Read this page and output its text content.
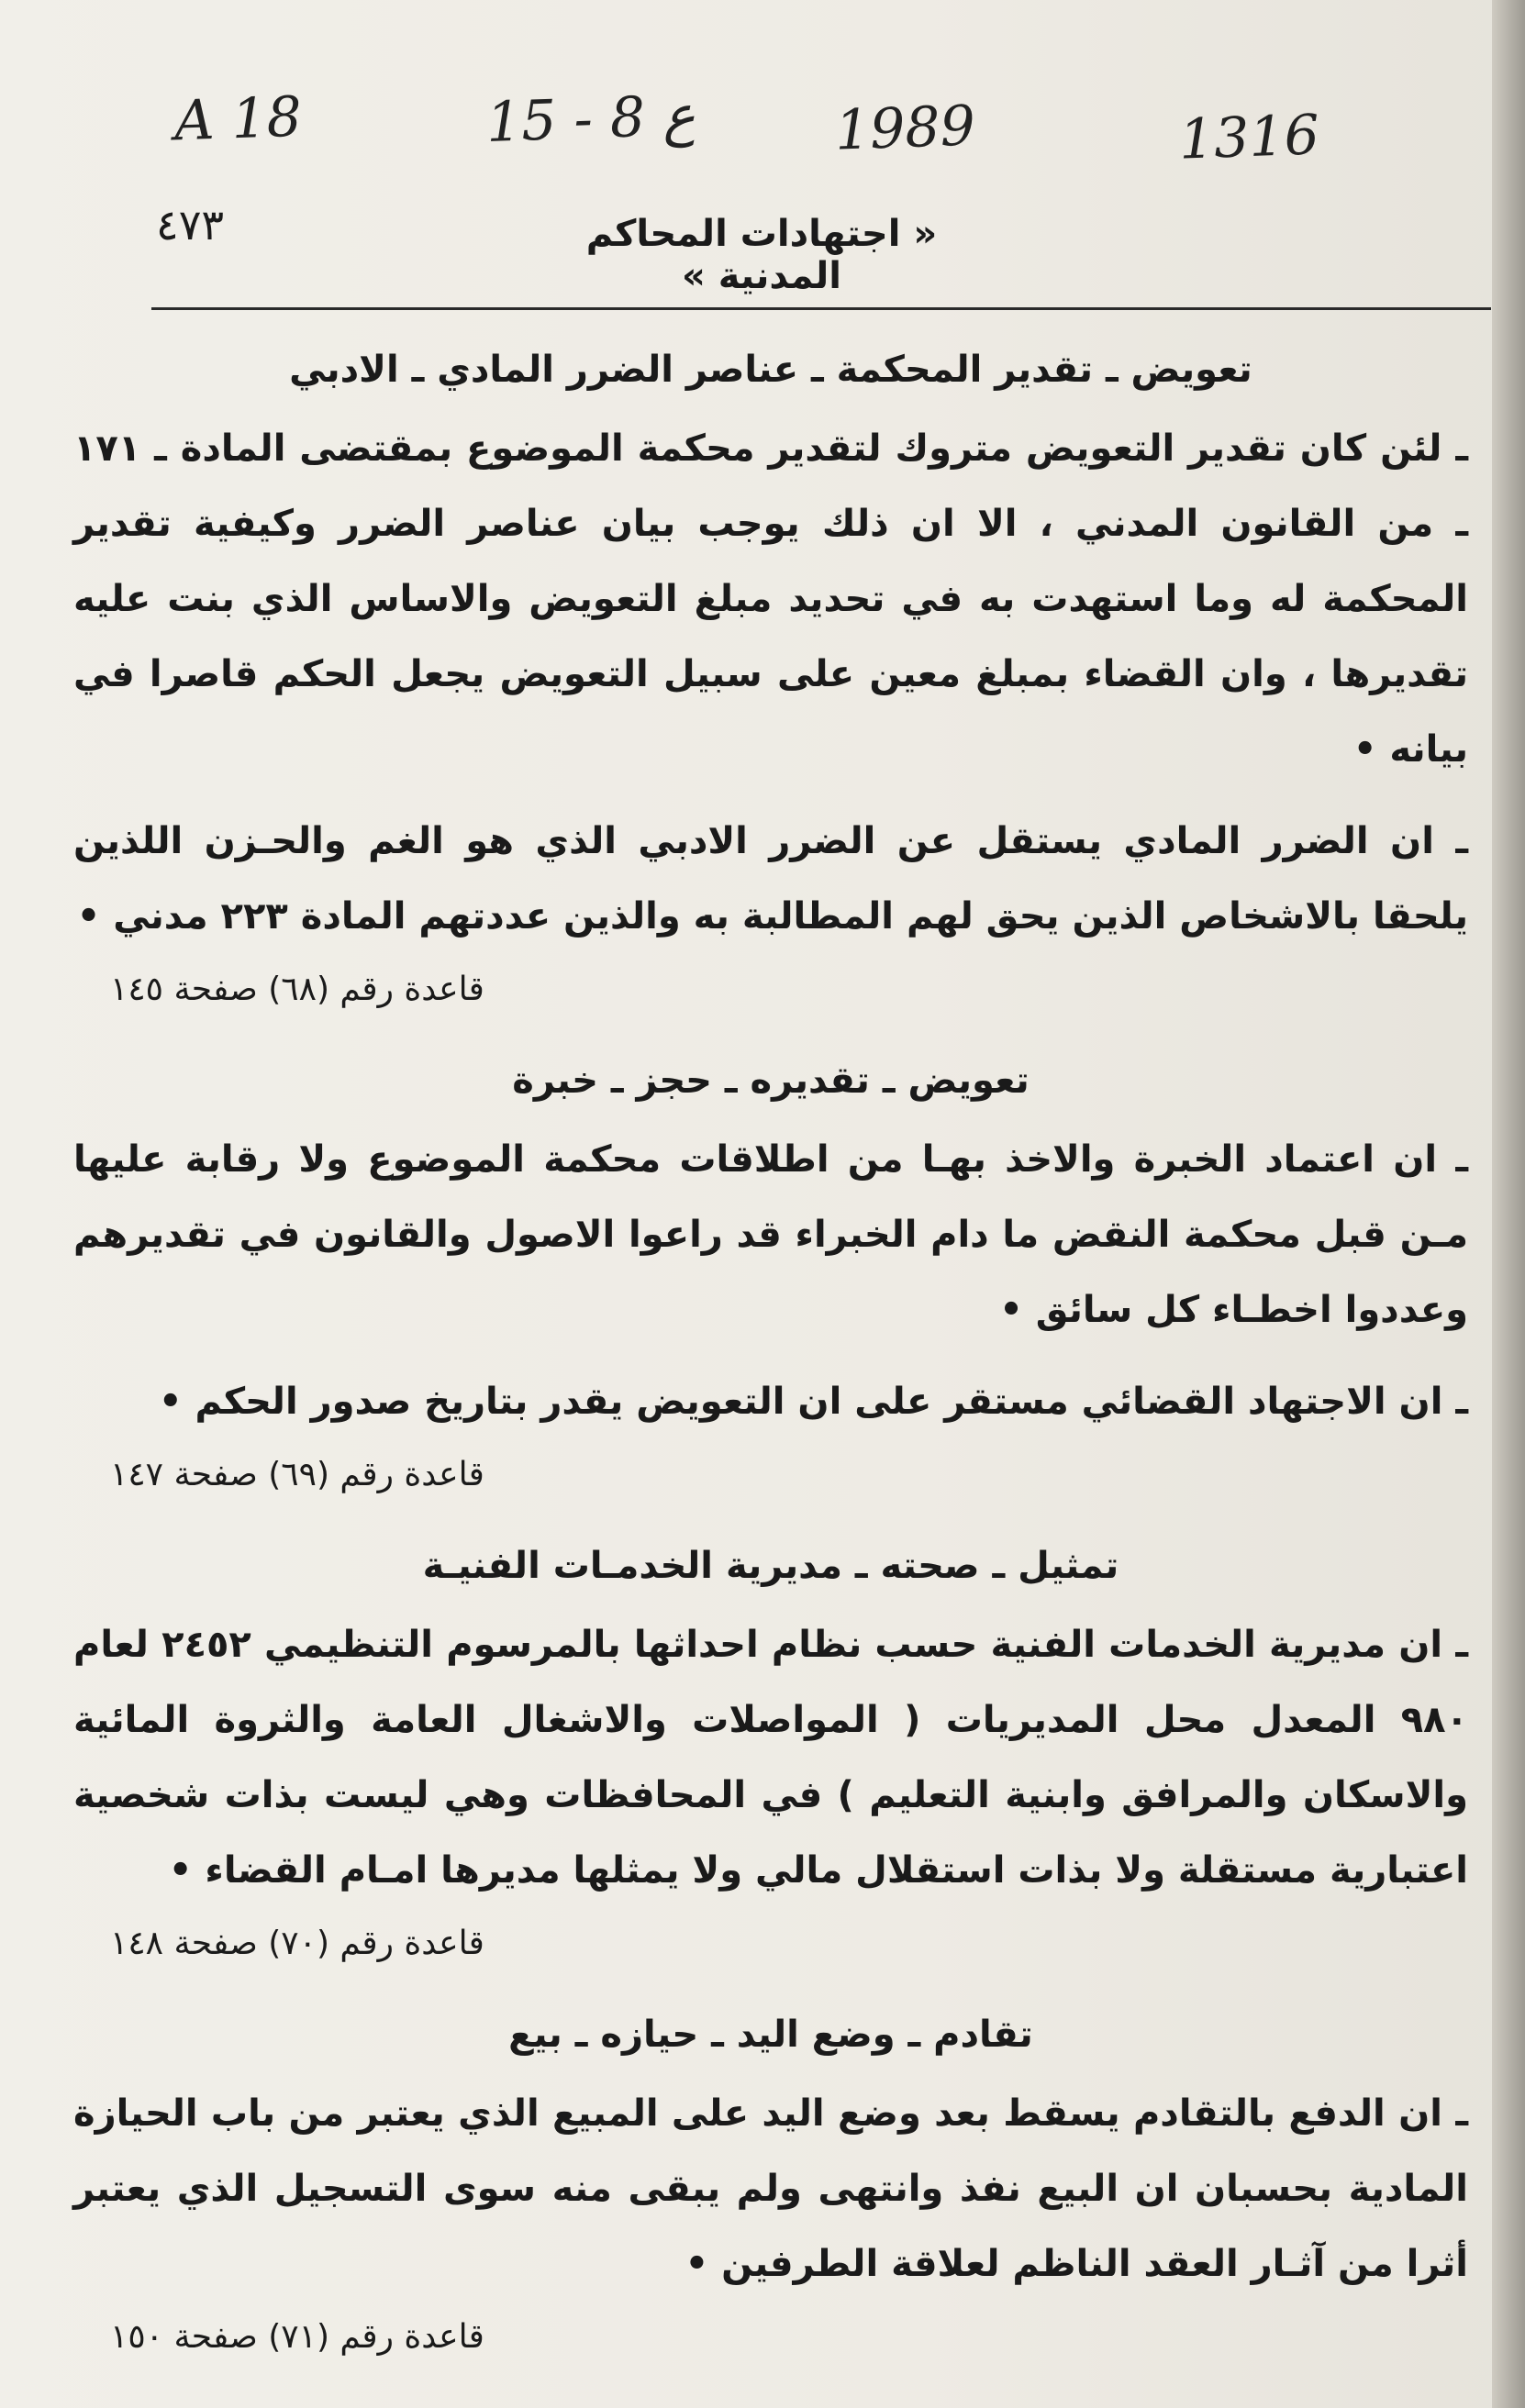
A 18	15 - 8 ع 1989	1316
٤٧٣	« اجتهادات المحاكم المدنية »
تعويض ـ تقدير المحكمة ـ عناصر الضرر المادي ـ الادبي

ـ لئن كان تقدير التعويض متروك لتقدير محكمة الموضوع بمقتضى المادة ـ ١٧١ ـ من القانون المدني ، الا ان ذلك يوجب بيان عناصر الضرر وكيفية تقدير المحكمة له وما استهدت به في تحديد مبلغ التعويض والاساس الذي بنت عليه تقديرها ، وان القضاء بمبلغ معين على سبيل التعويض يجعل الحكم قاصرا في بيانه •

ـ ان الضرر المادي يستقل عن الضرر الادبي الذي هو الغم والحـزن اللذين يلحقا بالاشخاص الذين يحق لهم المطالبة به والذين عددتهم المادة ٢٢٣ مدني •

قاعدة رقم (٦٨) صفحة ١٤٥
تعويض ـ تقديره ـ حجز ـ خبرة

ـ ان اعتماد الخبرة والاخذ بهـا من اطلاقات محكمة الموضوع ولا رقابة عليها مـن قبل محكمة النقض ما دام الخبراء قد راعوا الاصول والقانون في تقديرهم وعددوا اخطـاء كل سائق •

ـ ان الاجتهاد القضائي مستقر على ان التعويض يقدر بتاريخ صدور الحكم •

قاعدة رقم (٦٩) صفحة ١٤٧
تمثيل ـ صحته ـ مديرية الخدمـات الفنيـة

ـ ان مديرية الخدمات الفنية حسب نظام احداثها بالمرسوم التنظيمي ٢٤٥٢ لعام ٩٨٠ المعدل محل المديريات ( المواصلات والاشغال العامة والثروة المائية والاسكان والمرافق وابنية التعليم ) في المحافظات وهي ليست بذات شخصية اعتبارية مستقلة ولا بذات استقلال مالي ولا يمثلها مديرها امـام القضاء •

قاعدة رقم (٧٠) صفحة ١٤٨
تقادم ـ وضع اليد ـ حيازه ـ بيع

ـ ان الدفع بالتقادم يسقط بعد وضع اليد على المبيع الذي يعتبر من باب الحيازة المادية بحسبان ان البيع نفذ وانتهى ولم يبقى منه سوى التسجيل الذي يعتبر أثرا من آثـار العقد الناظم لعلاقة الطرفين •

قاعدة رقم (٧١) صفحة ١٥٠
